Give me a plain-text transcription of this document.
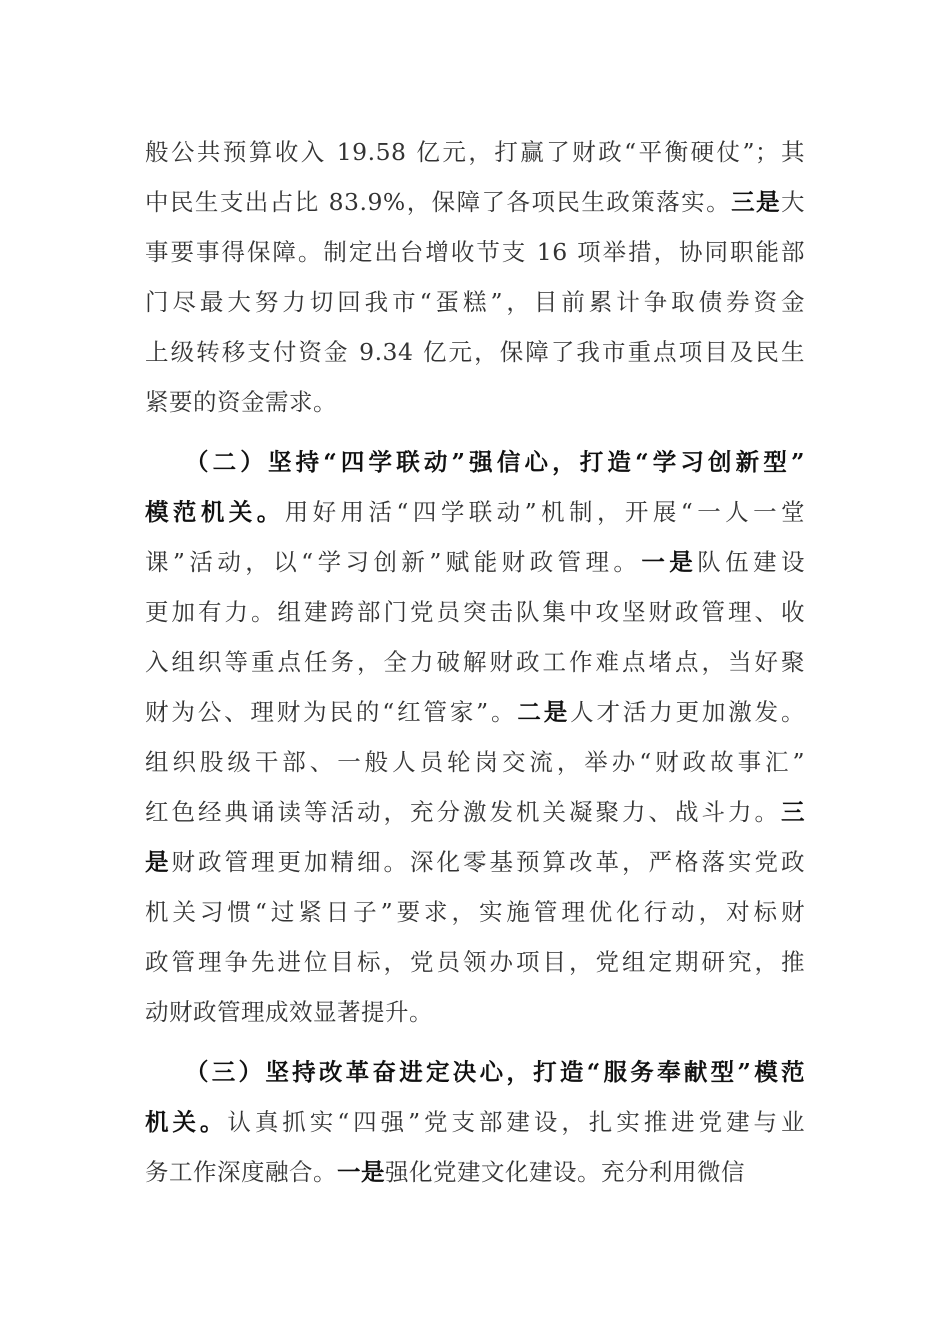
般公共预算收入 19.58 亿元，打赢了财政“平衡硬仗”；其
中民生支出占比 83.9%，保障了各项民生政策落实。三是大
事要事得保障。制定出台增收节支 16 项举措，协同职能部
门尽最大努力切回我市“蛋糕”，目前累计争取债券资金
上级转移支付资金 9.34 亿元，保障了我市重点项目及民生
紧要的资金需求。
（二）坚持“四学联动”强信心，打造“学习创新型”
模范机关。用好用活“四学联动”机制，开展“一人一堂
课”活动，以“学习创新”赋能财政管理。一是队伍建设
更加有力。组建跨部门党员突击队集中攻坚财政管理、收
入组织等重点任务，全力破解财政工作难点堵点，当好聚
财为公、理财为民的“红管家”。二是人才活力更加激发。
组织股级干部、一般人员轮岗交流，举办“财政故事汇”
红色经典诵读等活动，充分激发机关凝聚力、战斗力。三
是财政管理更加精细。深化零基预算改革，严格落实党政
机关习惯“过紧日子”要求，实施管理优化行动，对标财
政管理争先进位目标，党员领办项目，党组定期研究，推
动财政管理成效显著提升。
（三）坚持改革奋进定决心，打造“服务奉献型”模范
机关。认真抓实“四强”党支部建设，扎实推进党建与业
务工作深度融合。一是强化党建文化建设。充分利用微信
